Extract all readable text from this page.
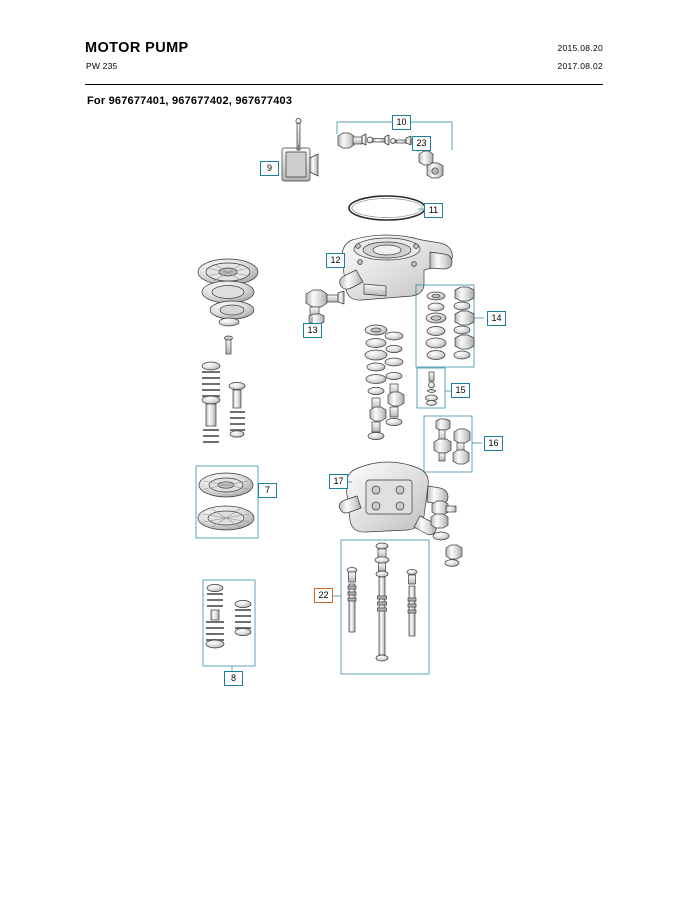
MOTOR PUMP
PW 235
2015.08.20
2017.08.02
For 967677401, 967677402, 967677403
7
8
9
10
11
12
13
14
15
16
17
22
23
